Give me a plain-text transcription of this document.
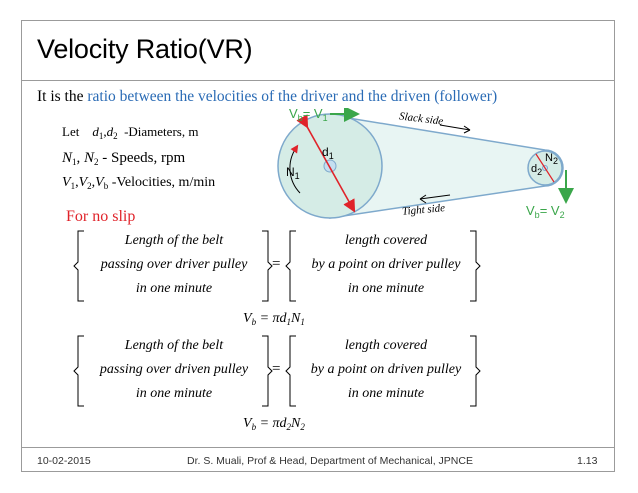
Velocity Ratio(VR)
It is the ratio between the velocities of the driver and the driven (follower)
Let $d_1,d_2$ -Diameters, m
$N_1$, $N_2$ - Speeds, rpm
$V_1,V_2,V_b$ -Velocities, m/min
For no slip
Length of the belt
passing over driver pulley
in one minute
=
length covered
by a point on driver pulley
in one minute
$V_b = \pi d_1N_1$
Length of the belt
passing over driven pulley
in one minute
=
length covered
by a point on driven pulley
in one minute
$V_b = \pi d_2N_2$
$V_b= V_1$	Slack side
Tight side
$d_1$
$N_1$
$d_2$
$N_2$
$V_b= V_2$
10-02-2015	Dr. S. Muali, Prof & Head, Department of Mechanical, JPNCE	1.13
